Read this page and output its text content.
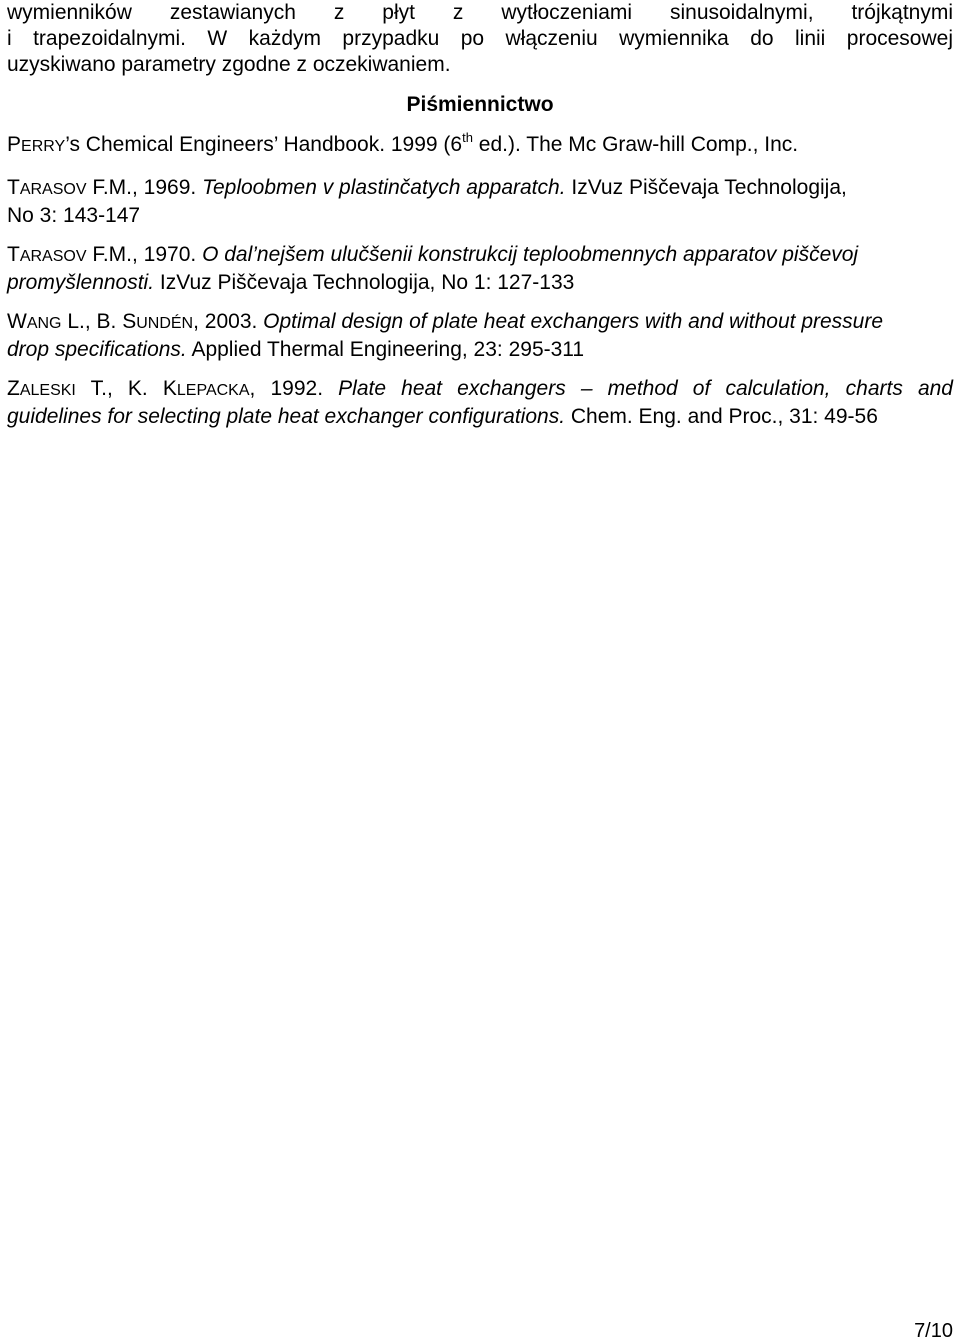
wymienników zestawianych z płyt z wytłoczeniami sinusoidalnymi, trójkątnymi
i trapezoidalnymi. W każdym przypadku po włączeniu wymiennika do linii procesowej
uzyskiwano parametry zgodne z oczekiwaniem.

Piśmiennictwo

PERRY’s Chemical Engineers’ Handbook. 1999 (6th ed.). The Mc Graw-hill Comp., Inc.

TARASOV F.M., 1969. Teploobmen v plastinčatych apparatch. IzVuz Piščevaja Technologija,
No 3: 143-147

TARASOV F.M., 1970. O dal’nejšem ulučšenii konstrukcij teploobmennych apparatov piščevoj
promyšlennosti. IzVuz Piščevaja Technologija, No 1: 127-133

WANG L., B. SUNDÉN, 2003. Optimal design of plate heat exchangers with and without pressure
drop specifications. Applied Thermal Engineering, 23: 295-311

ZALESKI T., K. KLEPACKA, 1992. Plate heat exchangers – method of calculation, charts and
guidelines for selecting plate heat exchanger configurations. Chem. Eng. and Proc., 31: 49-56

7/10
